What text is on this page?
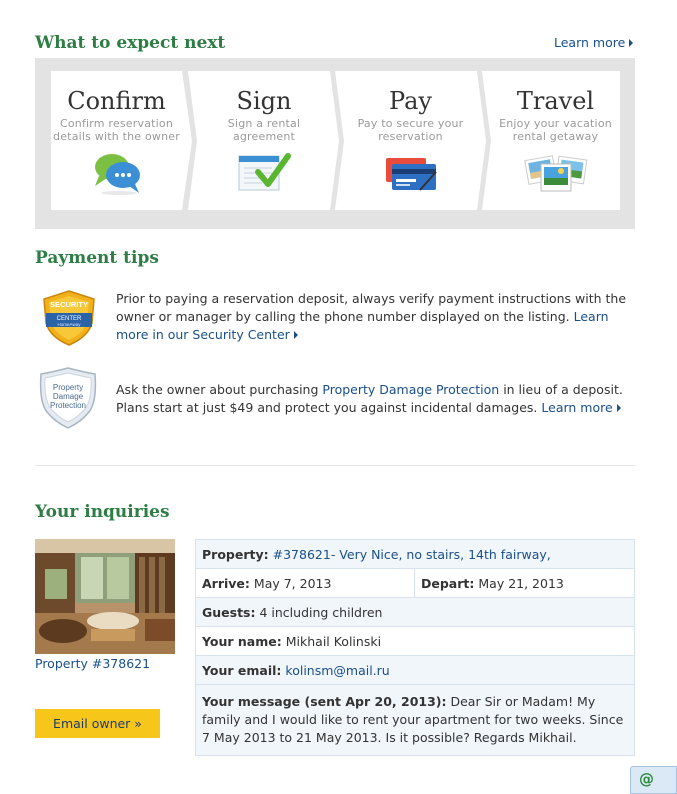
What to expect next	Learn more
Confirm
Confirm reservation
details with the owner
Sign
Sign a rental
agreement
Pay
Pay to secure your
reservation
Travel
Enjoy your vacation
rental getaway
Payment tips
SECURITY
CENTER
HomeAway
Prior to paying a reservation deposit, always verify payment instructions with the owner or manager by calling the phone number displayed on the listing. Learn more in our Security Center
Property
Damage
Protection
Ask the owner about purchasing Property Damage Protection in lieu of a deposit. Plans start at just $49 and protect you against incidental damages. Learn more
Your inquiries
Property #378621
Email owner »
Property: #378621- Very Nice, no stairs, 14th fairway,
Arrive: May 7, 2013	Depart: May 21, 2013
Guests: 4 including children
Your name: Mikhail Kolinski
Your email: kolinsm@mail.ru
Your message (sent Apr 20, 2013): Dear Sir or Madam! My family and I would like to rent your apartment for two weeks. Since 7 May 2013 to 21 May 2013. Is it possible? Regards Mikhail.
@
